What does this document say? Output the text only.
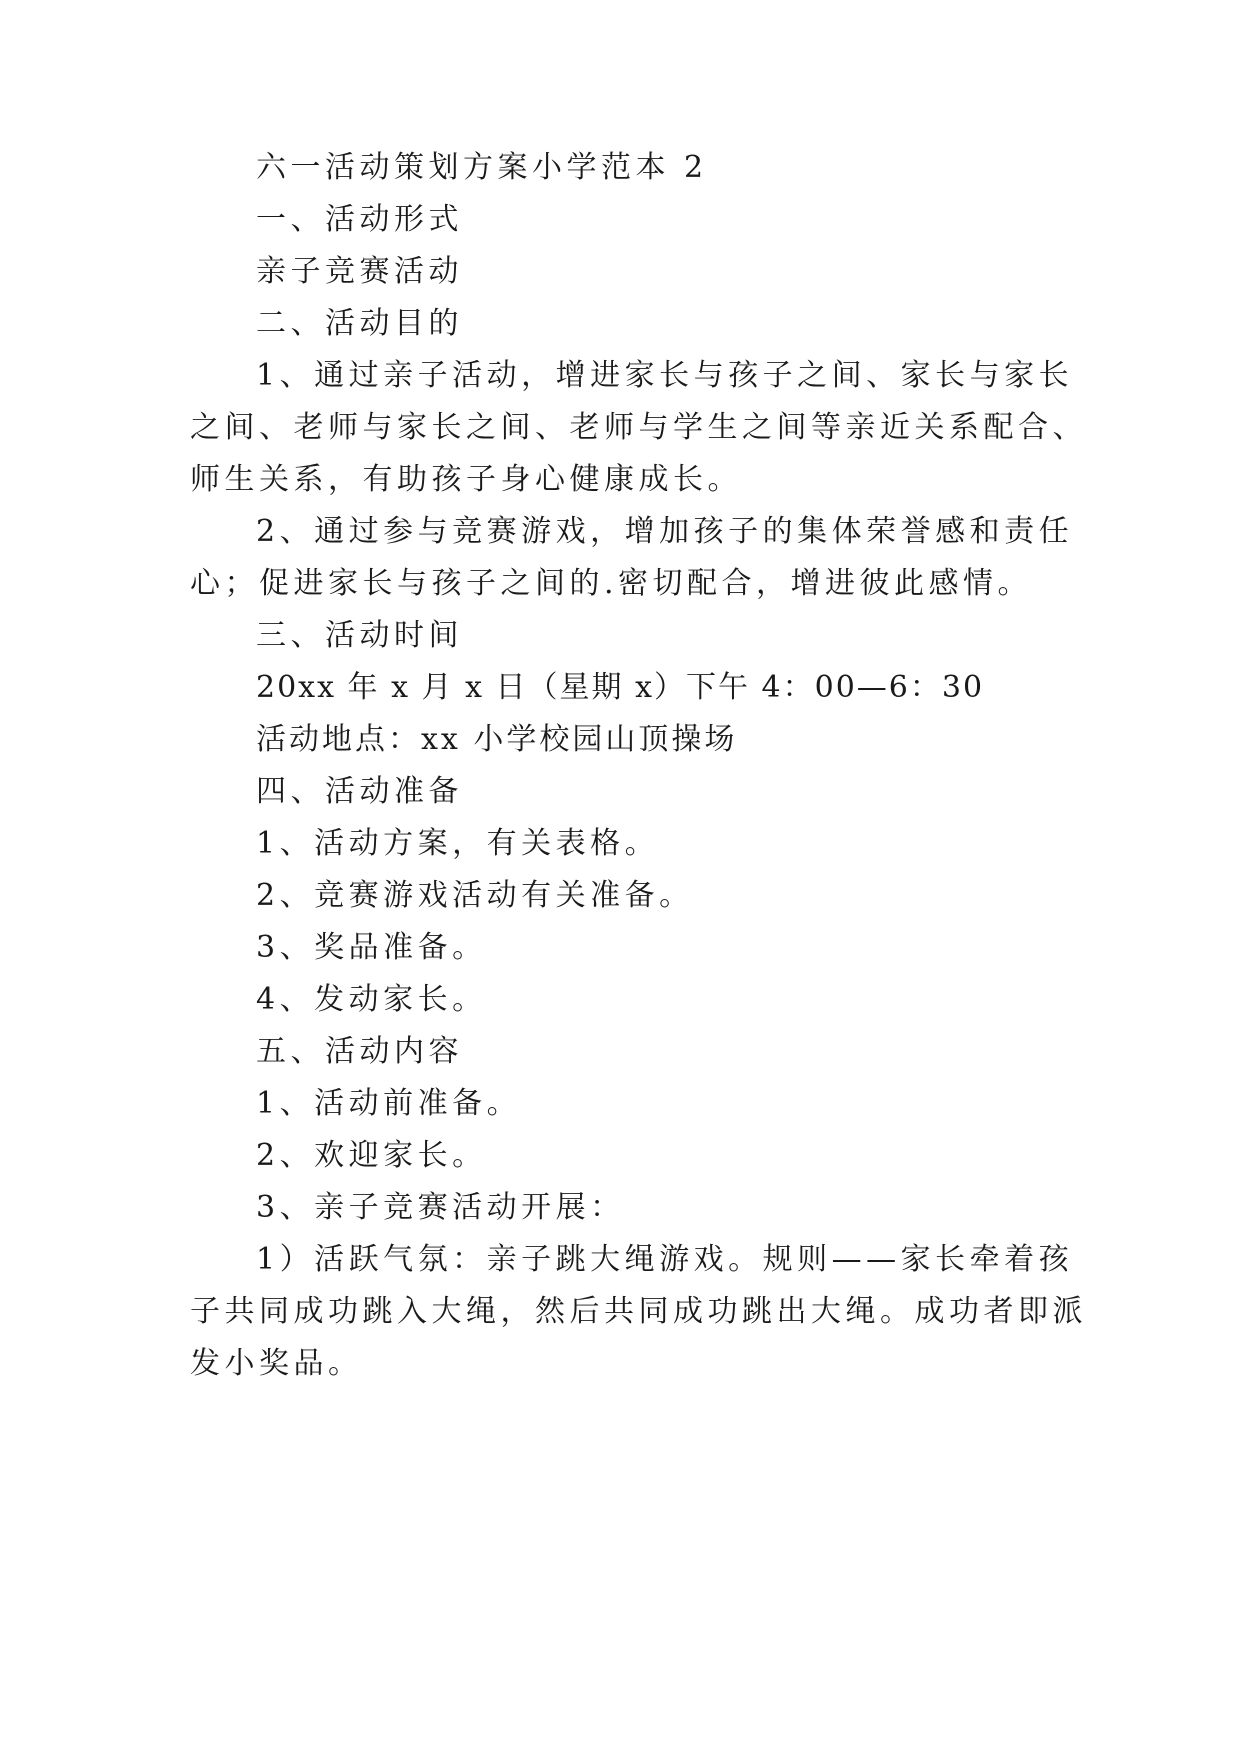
六一活动策划方案小学范本 2
一、活动形式
亲子竞赛活动
二、活动目的
1、通过亲子活动，增进家长与孩子之间、家长与家长
之间、老师与家长之间、老师与学生之间等亲近关系配合、
师生关系，有助孩子身心健康成长。
2、通过参与竞赛游戏，增加孩子的集体荣誉感和责任
心；促进家长与孩子之间的.密切配合，增进彼此感情。
三、活动时间
20xx 年 x 月 x 日（星期 x）下午 4：00—6：30
活动地点：xx 小学校园山顶操场
四、活动准备
1、活动方案，有关表格。
2、竞赛游戏活动有关准备。
3、奖品准备。
4、发动家长。
五、活动内容
1、活动前准备。
2、欢迎家长。
3、亲子竞赛活动开展：
1）活跃气氛：亲子跳大绳游戏。规则——家长牵着孩
子共同成功跳入大绳，然后共同成功跳出大绳。成功者即派
发小奖品。
